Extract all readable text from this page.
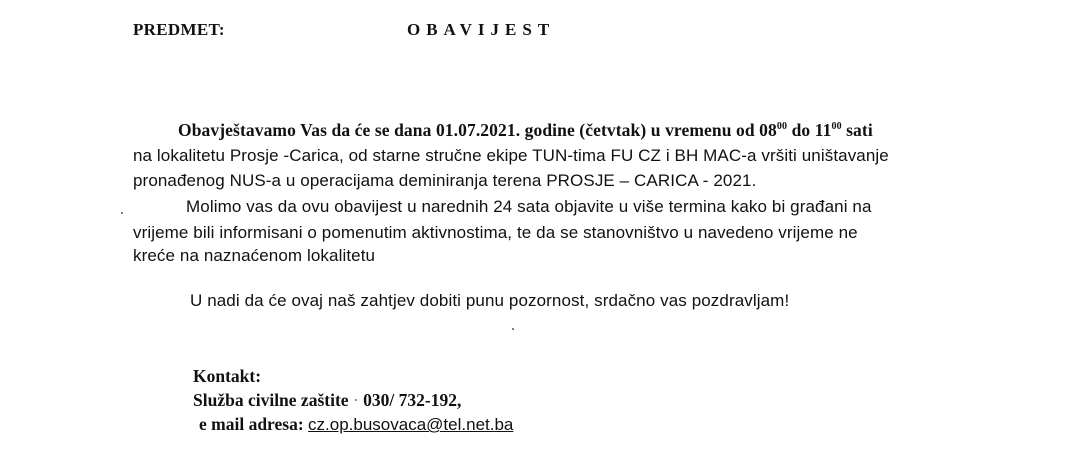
PREDMET:	OBAVIJEST
Obavještavamo Vas da će se dana 01.07.2021. godine (četvtak) u vremenu od $08^{00}$ do $11^{00}$ sati
na lokalitetu Prosje -Carica, od starne stručne ekipe TUN-tima FU CZ i BH MAC-a vršiti uništavanje
pronađenog NUS-a u operacijama deminiranja terena PROSJE – CARICA - 2021.
Molimo vas da ovu obavijest u narednih 24 sata objavite u više termina kako bi građani na
vrijeme bili informisani o pomenutim aktivnostima, te da se stanovništvo u navedeno vrijeme ne
kreće na naznaćenom lokalitetu
U nadi da će ovaj naš zahtjev dobiti punu pozornost, srdačno vas pozdravljam!
Kontakt:
Služba civilne zaštite · 030/ 732-192,
e mail adresa: cz.op.busovaca@tel.net.ba
